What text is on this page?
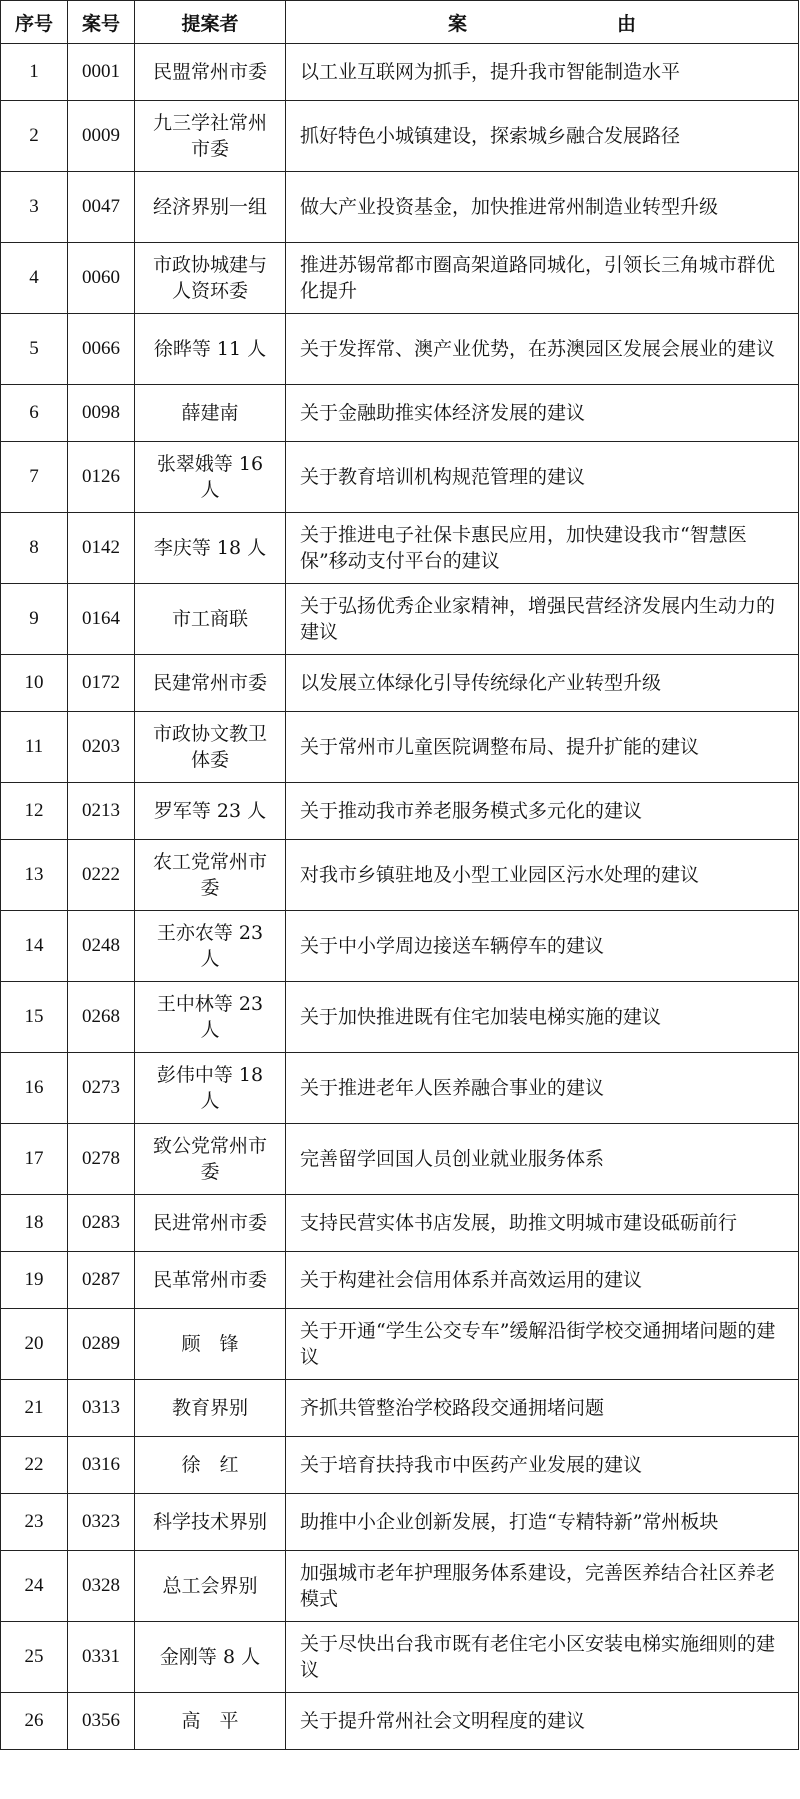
序号	案号	提案者	案 由
1	0001	民盟常州市委	以工业互联网为抓手，提升我市智能制造水平
2	0009	九三学社常州市委	抓好特色小城镇建设，探索城乡融合发展路径
3	0047	经济界别一组	做大产业投资基金，加快推进常州制造业转型升级
4	0060	市政协城建与人资环委	推进苏锡常都市圈高架道路同城化，引领长三角城市群优化提升
5	0066	徐晔等 11 人	关于发挥常、澳产业优势，在苏澳园区发展会展业的建议
6	0098	薛建南	关于金融助推实体经济发展的建议
7	0126	张翠娥等 16 人	关于教育培训机构规范管理的建议
8	0142	李庆等 18 人	关于推进电子社保卡惠民应用，加快建设我市“智慧医保”移动支付平台的建议
9	0164	市工商联	关于弘扬优秀企业家精神，增强民营经济发展内生动力的建议
10	0172	民建常州市委	以发展立体绿化引导传统绿化产业转型升级
11	0203	市政协文教卫体委	关于常州市儿童医院调整布局、提升扩能的建议
12	0213	罗军等 23 人	关于推动我市养老服务模式多元化的建议
13	0222	农工党常州市委	对我市乡镇驻地及小型工业园区污水处理的建议
14	0248	王亦农等 23 人	关于中小学周边接送车辆停车的建议
15	0268	王中林等 23 人	关于加快推进既有住宅加装电梯实施的建议
16	0273	彭伟中等 18 人	关于推进老年人医养融合事业的建议
17	0278	致公党常州市委	完善留学回国人员创业就业服务体系
18	0283	民进常州市委	支持民营实体书店发展，助推文明城市建设砥砺前行
19	0287	民革常州市委	关于构建社会信用体系并高效运用的建议
20	0289	顾　锋	关于开通“学生公交专车”缓解沿街学校交通拥堵问题的建议
21	0313	教育界别	齐抓共管整治学校路段交通拥堵问题
22	0316	徐　红	关于培育扶持我市中医药产业发展的建议
23	0323	科学技术界别	助推中小企业创新发展，打造“专精特新”常州板块
24	0328	总工会界别	加强城市老年护理服务体系建设，完善医养结合社区养老模式
25	0331	金刚等 8 人	关于尽快出台我市既有老住宅小区安装电梯实施细则的建议
26	0356	高　平	关于提升常州社会文明程度的建议
